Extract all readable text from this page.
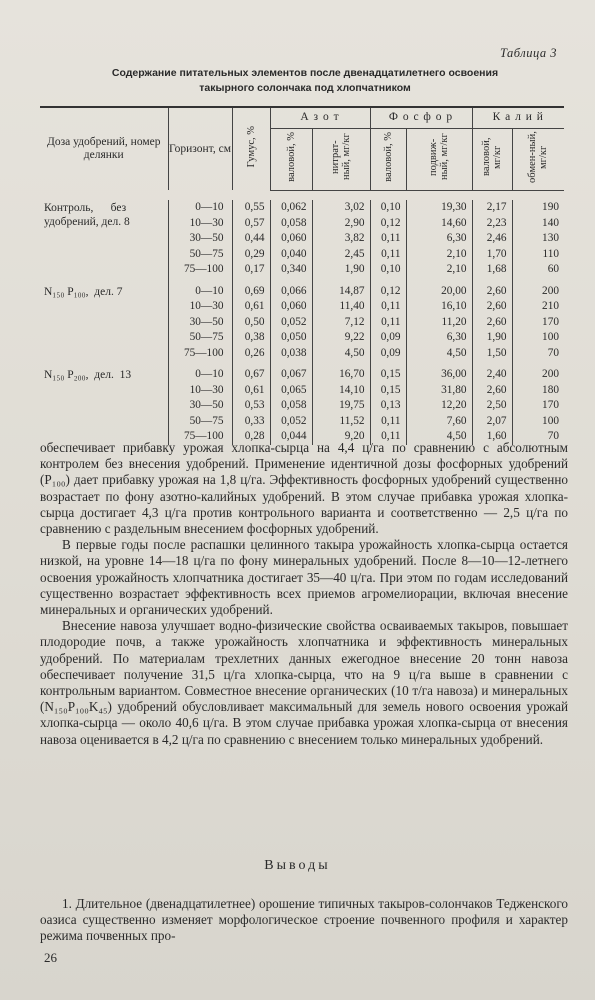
Таблица 3
Содержание питательных элементов после двенадцатилетнего освоения
такырного солончака под хлопчатником

Доза удобрений, номер делянки	Горизонт, см	Гумус, %	А з о т		Ф о с ф о р		К а л и й	
			валовой, %	нитрат-ный, мг/кг	валовой, %	подвиж-ный, мг/кг	валовой, мг/кг	обмен-ный, мг/кг

Контроль,      без
удобрений, дел. 8	0—10	0,55	0,062	3,02	0,10	19,30	2,17	190
	10—30	0,57	0,058	2,90	0,12	14,60	2,23	140
	30—50	0,44	0,060	3,82	0,11	6,30	2,46	130
	50—75	0,29	0,040	2,45	0,11	2,10	1,70	110
	75—100	0,17	0,340	1,90	0,10	2,10	1,68	60

N₁₅₀ P₁₀₀,  дел. 7	0—10	0,69	0,066	14,87	0,12	20,00	2,60	200
	10—30	0,61	0,060	11,40	0,11	16,10	2,60	210
	30—50	0,50	0,052	7,12	0,11	11,20	2,60	170
	50—75	0,38	0,050	9,22	0,09	6,30	1,90	100
	75—100	0,26	0,038	4,50	0,09	4,50	1,50	70

N₁₅₀ P₂₀₀,  дел.  13	0—10	0,67	0,067	16,70	0,15	36,00	2,40	200
	10—30	0,61	0,065	14,10	0,15	31,80	2,60	180
	30—50	0,53	0,058	19,75	0,13	12,20	2,50	170
	50—75	0,33	0,052	11,52	0,11	7,60	2,07	100
	75—100	0,28	0,044	9,20	0,11	4,50	1,60	70

обеспечивает прибавку урожая хлопка-сырца на 4,4 ц/га по сравнению с абсолютным контролем без внесения удобрений. Применение идентичной дозы фосфорных удобрений (P₁₀₀) дает прибавку урожая на 1,8 ц/га. Эффективность фосфорных удобрений существенно возрастает по фону азотно-калийных удобрений. В этом случае прибавка урожая хлопка-сырца достигает 4,3 ц/га против контрольного варианта и соответственно — 2,5 ц/га по сравнению с раздельным внесением фосфорных удобрений.

В первые годы после распашки целинного такыра урожайность хлопка-сырца остается низкой, на уровне 14—18 ц/га по фону минеральных удобрений. После 8—10—12-летнего освоения урожайность хлопчатника достигает 35—40 ц/га. При этом по годам исследований существенно возрастает эффективность всех приемов агромелиорации, включая внесение минеральных и органических удобрений.

Внесение навоза улучшает водно-физические свойства осваиваемых такыров, повышает плодородие почв, а также урожайность хлопчатника и эффективность минеральных удобрений. По материалам трехлетних данных ежегодное внесение 20 тонн навоза обеспечивает получение 31,5 ц/га хлопка-сырца, что на 9 ц/га выше в сравнении с контрольным вариантом. Совместное внесение органических (10 т/га навоза) и минеральных (N₁₅₀P₁₀₀K₄₅) удобрений обусловливает максимальный для земель нового освоения урожай хлопка-сырца — около 40,6 ц/га. В этом случае прибавка урожая хлопка-сырца от внесения навоза оценивается в 4,2 ц/га по сравнению с внесением только минеральных удобрений.

Выводы

1. Длительное (двенадцатилетнее) орошение типичных такыров-солончаков Тедженского оазиса существенно изменяет морфологическое строение почвенного профиля и характер режима почвенных про-

26
